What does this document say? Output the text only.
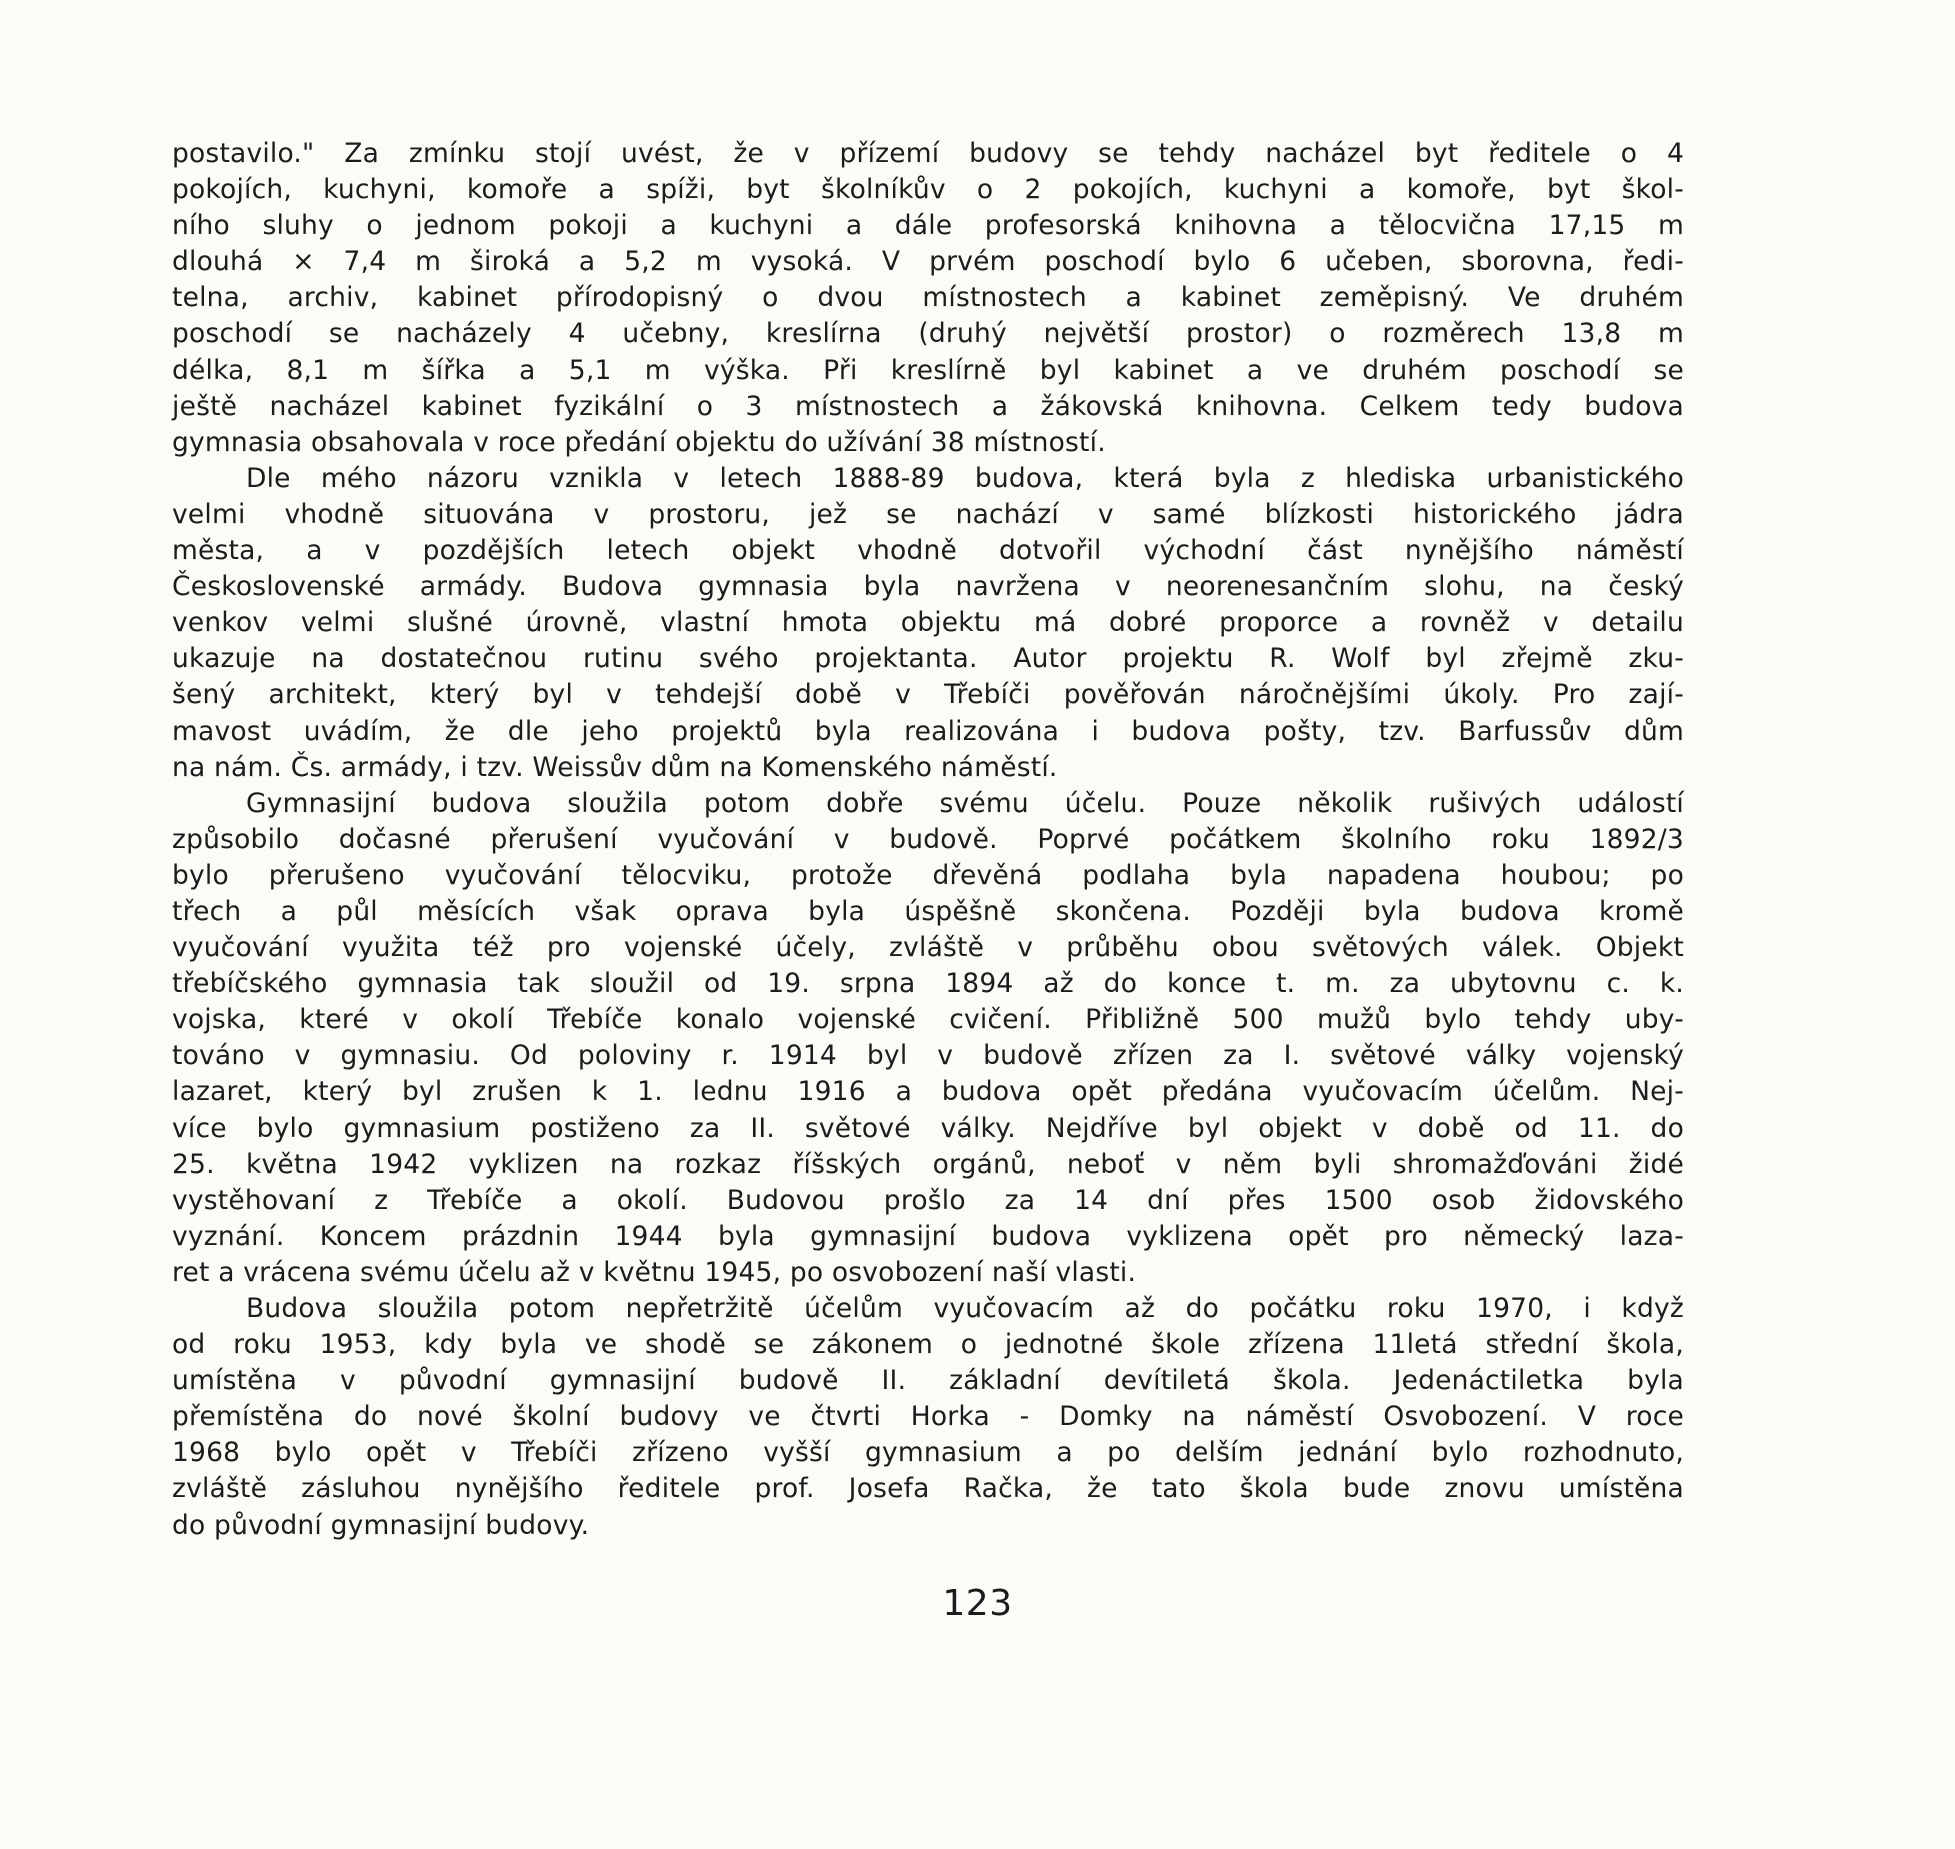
postavilo." Za zmínku stojí uvést, že v přízemí budovy se tehdy nacházel byt ředitele o 4
pokojích, kuchyni, komoře a spíži, byt školníkův o 2 pokojích, kuchyni a komoře, byt škol-
ního sluhy o jednom pokoji a kuchyni a dále profesorská knihovna a tělocvična 17,15 m
dlouhá × 7,4 m široká a 5,2 m vysoká. V prvém poschodí bylo 6 učeben, sborovna, ředi-
telna, archiv, kabinet přírodopisný o dvou místnostech a kabinet zeměpisný. Ve druhém
poschodí se nacházely 4 učebny, kreslírna (druhý největší prostor) o rozměrech 13,8 m
délka, 8,1 m šířka a 5,1 m výška. Při kreslírně byl kabinet a ve druhém poschodí se
ještě nacházel kabinet fyzikální o 3 místnostech a žákovská knihovna. Celkem tedy budova
gymnasia obsahovala v roce předání objektu do užívání 38 místností.
Dle mého názoru vznikla v letech 1888-89 budova, která byla z hlediska urbanistického
velmi vhodně situována v prostoru, jež se nachází v samé blízkosti historického jádra
města, a v pozdějších letech objekt vhodně dotvořil východní část nynějšího náměstí
Československé armády. Budova gymnasia byla navržena v neorenesančním slohu, na český
venkov velmi slušné úrovně, vlastní hmota objektu má dobré proporce a rovněž v detailu
ukazuje na dostatečnou rutinu svého projektanta. Autor projektu R. Wolf byl zřejmě zku-
šený architekt, který byl v tehdejší době v Třebíči pověřován náročnějšími úkoly. Pro zají-
mavost uvádím, že dle jeho projektů byla realizována i budova pošty, tzv. Barfussův dům
na nám. Čs. armády, i tzv. Weissův dům na Komenského náměstí.
Gymnasijní budova sloužila potom dobře svému účelu. Pouze několik rušivých událostí
způsobilo dočasné přerušení vyučování v budově. Poprvé počátkem školního roku 1892/3
bylo přerušeno vyučování tělocviku, protože dřevěná podlaha byla napadena houbou; po
třech a půl měsících však oprava byla úspěšně skončena. Později byla budova kromě
vyučování využita též pro vojenské účely, zvláště v průběhu obou světových válek. Objekt
třebíčského gymnasia tak sloužil od 19. srpna 1894 až do konce t. m. za ubytovnu c. k.
vojska, které v okolí Třebíče konalo vojenské cvičení. Přibližně 500 mužů bylo tehdy uby-
továno v gymnasiu. Od poloviny r. 1914 byl v budově zřízen za I. světové války vojenský
lazaret, který byl zrušen k 1. lednu 1916 a budova opět předána vyučovacím účelům. Nej-
více bylo gymnasium postiženo za II. světové války. Nejdříve byl objekt v době od 11. do
25. května 1942 vyklizen na rozkaz říšských orgánů, neboť v něm byli shromažďováni židé
vystěhovaní z Třebíče a okolí. Budovou prošlo za 14 dní přes 1500 osob židovského
vyznání. Koncem prázdnin 1944 byla gymnasijní budova vyklizena opět pro německý laza-
ret a vrácena svému účelu až v květnu 1945, po osvobození naší vlasti.
Budova sloužila potom nepřetržitě účelům vyučovacím až do počátku roku 1970, i když
od roku 1953, kdy byla ve shodě se zákonem o jednotné škole zřízena 11letá střední škola,
umístěna v původní gymnasijní budově II. základní devítiletá škola. Jedenáctiletka byla
přemístěna do nové školní budovy ve čtvrti Horka - Domky na náměstí Osvobození. V roce
1968 bylo opět v Třebíči zřízeno vyšší gymnasium a po delším jednání bylo rozhodnuto,
zvláště zásluhou nynějšího ředitele prof. Josefa Račka, že tato škola bude znovu umístěna
do původní gymnasijní budovy.
123
